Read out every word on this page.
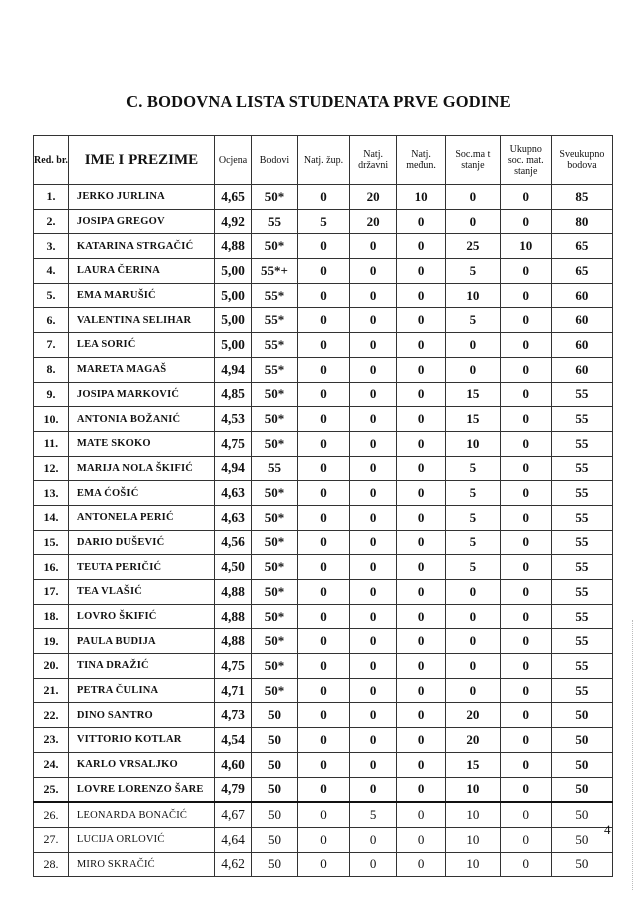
C. BODOVNA LISTA STUDENATA PRVE GODINE
Red. br.	IME I PREZIME	Ocjena	Bodovi	Natj. žup.	Natj. državni	Natj. međun.	Soc.ma t stanje	Ukupno soc. mat. stanje	Sveukupno bodova
1.	JERKO JURLINA	4,65	50*	0	20	10	0	0	85
2.	JOSIPA GREGOV	4,92	55	5	20	0	0	0	80
3.	KATARINA STRGAČIĆ	4,88	50*	0	0	0	25	10	65
4.	LAURA ČERINA	5,00	55*+	0	0	0	5	0	65
5.	EMA MARUŠIĆ	5,00	55*	0	0	0	10	0	60
6.	VALENTINA SELIHAR	5,00	55*	0	0	0	5	0	60
7.	LEA SORIĆ	5,00	55*	0	0	0	0	0	60
8.	MARETA MAGAŠ	4,94	55*	0	0	0	0	0	60
9.	JOSIPA MARKOVIĆ	4,85	50*	0	0	0	15	0	55
10.	ANTONIA BOŽANIĆ	4,53	50*	0	0	0	15	0	55
11.	MATE SKOKO	4,75	50*	0	0	0	10	0	55
12.	MARIJA NOLA ŠKIFIĆ	4,94	55	0	0	0	5	0	55
13.	EMA ĆOŠIĆ	4,63	50*	0	0	0	5	0	55
14.	ANTONELA PERIĆ	4,63	50*	0	0	0	5	0	55
15.	DARIO DUŠEVIĆ	4,56	50*	0	0	0	5	0	55
16.	TEUTA PERIČIĆ	4,50	50*	0	0	0	5	0	55
17.	TEA VLAŠIĆ	4,88	50*	0	0	0	0	0	55
18.	LOVRO ŠKIFIĆ	4,88	50*	0	0	0	0	0	55
19.	PAULA BUDIJA	4,88	50*	0	0	0	0	0	55
20.	TINA DRAŽIĆ	4,75	50*	0	0	0	0	0	55
21.	PETRA ČULINA	4,71	50*	0	0	0	0	0	55
22.	DINO SANTRO	4,73	50	0	0	0	20	0	50
23.	VITTORIO KOTLAR	4,54	50	0	0	0	20	0	50
24.	KARLO VRSALJKO	4,60	50	0	0	0	15	0	50
25.	LOVRE LORENZO ŠARE	4,79	50	0	0	0	10	0	50
26.	LEONARDA BONAČIĆ	4,67	50	0	5	0	10	0	50
27.	LUCIJA ORLOVIĆ	4,64	50	0	0	0	10	0	50
28.	MIRO SKRAČIĆ	4,62	50	0	0	0	10	0	50
4
